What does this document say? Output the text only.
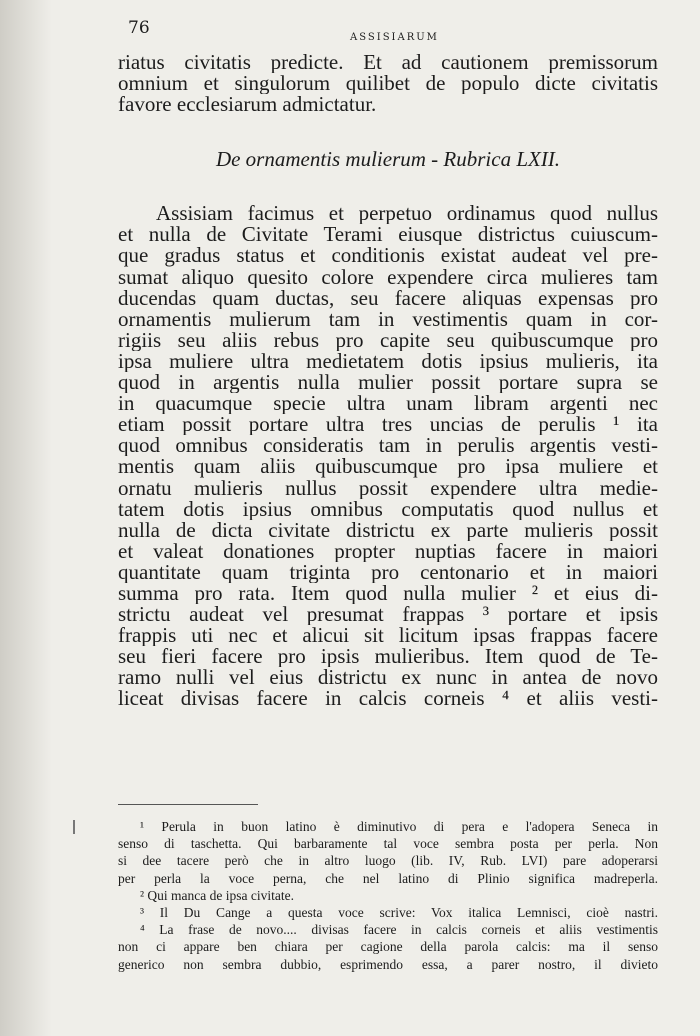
76	ASSISIARUM
riatus civitatis predicte. Et ad cautionem premissorum
omnium et singulorum quilibet de populo dicte civitatis
favore ecclesiarum admictatur.
De ornamentis mulierum - Rubrica LXII.
Assisiam facimus et perpetuo ordinamus quod nullus
et nulla de Civitate Terami eiusque districtus cuiuscum-
que gradus status et conditionis existat audeat vel pre-
sumat aliquo quesito colore expendere circa mulieres tam
ducendas quam ductas, seu facere aliquas expensas pro
ornamentis mulierum tam in vestimentis quam in cor-
rigiis seu aliis rebus pro capite seu quibuscumque pro
ipsa muliere ultra medietatem dotis ipsius mulieris, ita
quod in argentis nulla mulier possit portare supra se
in quacumque specie ultra unam libram argenti nec
etiam possit portare ultra tres uncias de perulis ¹ ita
quod omnibus consideratis tam in perulis argentis vesti-
mentis quam aliis quibuscumque pro ipsa muliere et
ornatu mulieris nullus possit expendere ultra medie-
tatem dotis ipsius omnibus computatis quod nullus et
nulla de dicta civitate districtu ex parte mulieris possit
et valeat donationes propter nuptias facere in maiori
quantitate quam triginta pro centonario et in maiori
summa pro rata. Item quod nulla mulier ² et eius di-
strictu audeat vel presumat frappas ³ portare et ipsis
frappis uti nec et alicui sit licitum ipsas frappas facere
seu fieri facere pro ipsis mulieribus. Item quod de Te-
ramo nulli vel eius districtu ex nunc in antea de novo
liceat divisas facere in calcis corneis ⁴ et aliis vesti-
¹ Perula in buon latino è diminutivo di pera e l'adopera Seneca in
senso di taschetta. Qui barbaramente tal voce sembra posta per perla. Non
si dee tacere però che in altro luogo (lib. IV, Rub. LVI) pare adoperarsi
per perla la voce perna, che nel latino di Plinio significa madreperla.
² Qui manca de ipsa civitate.
³ Il Du Cange a questa voce scrive: Vox italica Lemnisci, cioè nastri.
⁴ La frase de novo.... divisas facere in calcis corneis et aliis vestimentis
non ci appare ben chiara per cagione della parola calcis: ma il senso
generico non sembra dubbio, esprimendo essa, a parer nostro, il divieto
